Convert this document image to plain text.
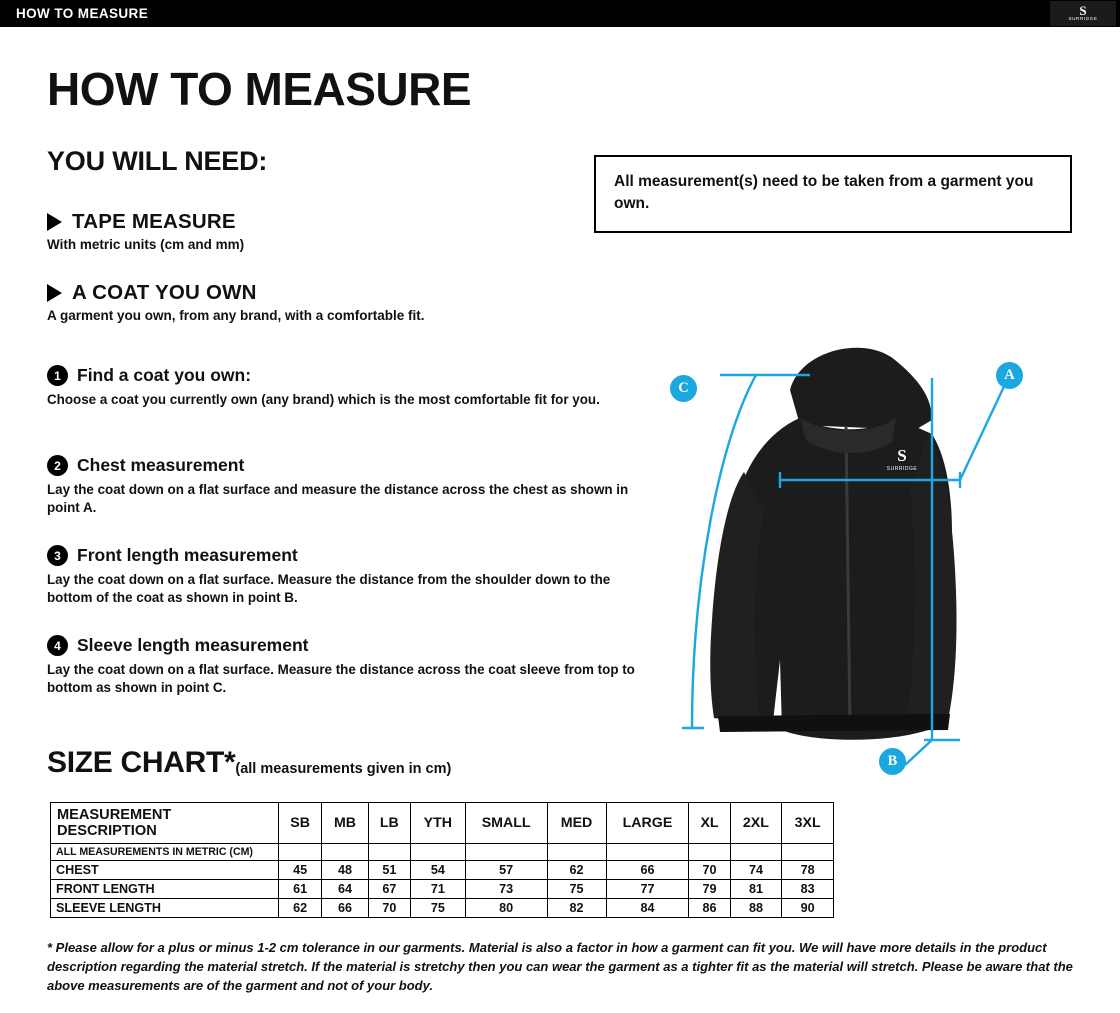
HOW TO MEASURE	S
SURRIDGE
HOW TO MEASURE
YOU WILL NEED:
All measurement(s) need to be taken from a garment you own.
TAPE MEASURE
With metric units (cm and mm)
A COAT YOU OWN
A garment you own, from any brand, with a comfortable fit.
1 Find a coat you own:
Choose a coat you currently own (any brand) which is the most comfortable fit for you.
2 Chest measurement
Lay the coat down on a flat surface and measure the distance across the chest as shown in point A.
3 Front length measurement
Lay the coat down on a flat surface. Measure the distance from the shoulder down to the bottom of the coat as shown in point B.
4 Sleeve length measurement
Lay the coat down on a flat surface. Measure the distance across the coat sleeve from top to bottom as shown in point C.
S
SURRIDGE
A
B
C
SIZE CHART* (all measurements given in cm)
MEASUREMENT DESCRIPTION	SB	MB	LB	YTH	SMALL	MED	LARGE	XL	2XL	3XL
ALL MEASUREMENTS IN METRIC (CM)										
CHEST	45	48	51	54	57	62	66	70	74	78
FRONT LENGTH	61	64	67	71	73	75	77	79	81	83
SLEEVE LENGTH	62	66	70	75	80	82	84	86	88	90
* Please allow for a plus or minus 1-2 cm tolerance in our garments. Material is also a factor in how a garment can fit you. We will have more details in the product description regarding the material stretch. If the material is stretchy then you can wear the garment as a tighter fit as the material will stretch. Please be aware that the above measurements are of the garment and not of your body.
